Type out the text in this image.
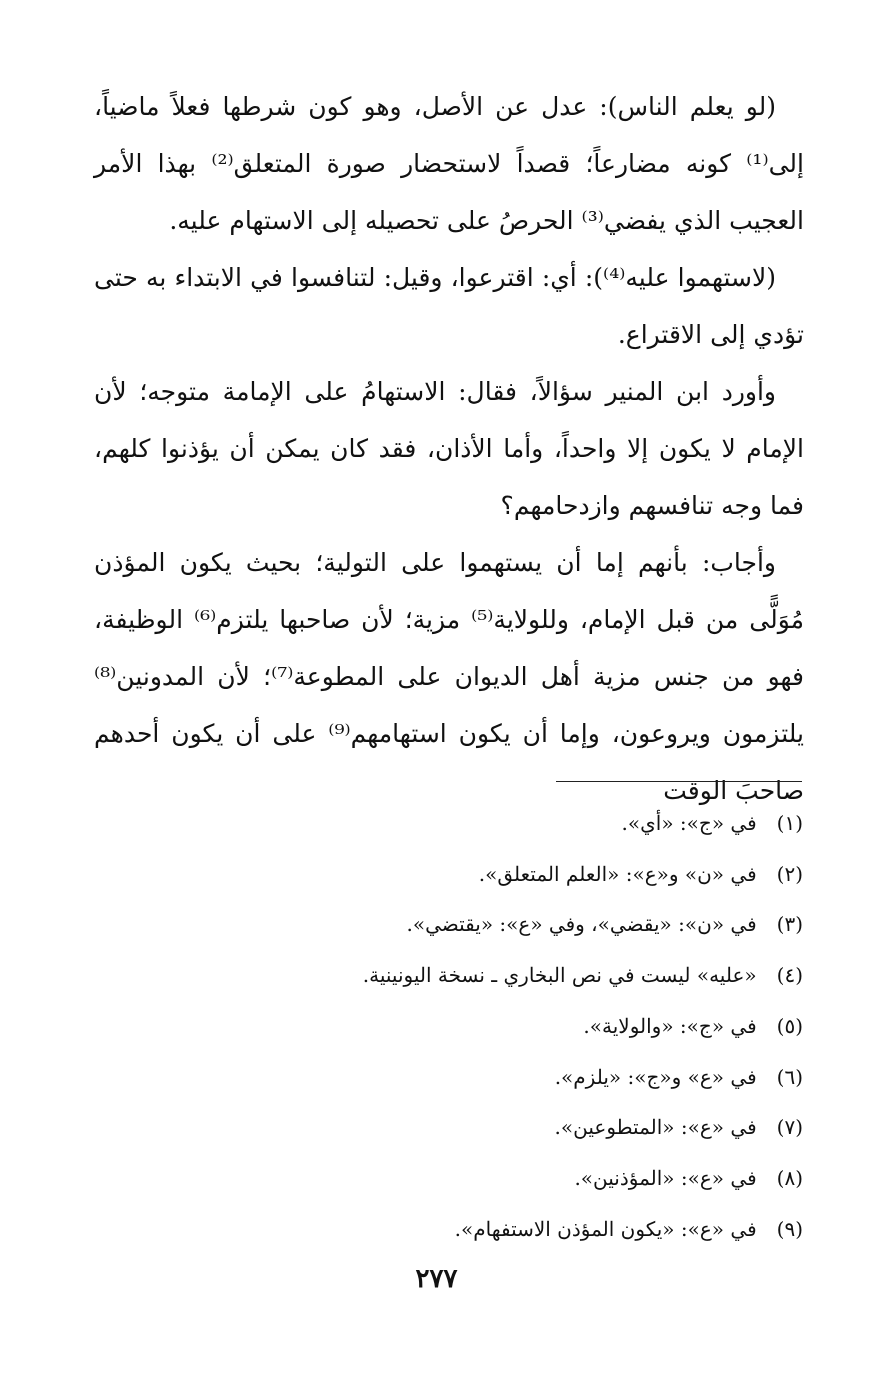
(لو يعلم الناس): عدل عن الأصل، وهو كون شرطها فعلاً ماضياً، إلى⁽¹⁾ كونه مضارعاً؛ قصداً لاستحضار صورة المتعلق⁽²⁾ بهذا الأمر العجيب الذي يفضي⁽³⁾ الحرصُ على تحصيله إلى الاستهام عليه.

(لاستهموا عليه⁽⁴⁾): أي: اقترعوا، وقيل: لتنافسوا في الابتداء به حتى تؤدي إلى الاقتراع.

وأورد ابن المنير سؤالاً، فقال: الاستهامُ على الإمامة متوجه؛ لأن الإمام لا يكون إلا واحداً، وأما الأذان، فقد كان يمكن أن يؤذنوا كلهم، فما وجه تنافسهم وازدحامهم؟

وأجاب: بأنهم إما أن يستهموا على التولية؛ بحيث يكون المؤذن مُوَلًّى من قبل الإمام، وللولاية⁽⁵⁾ مزية؛ لأن صاحبها يلتزم⁽⁶⁾ الوظيفة، فهو من جنس مزية أهل الديوان على المطوعة⁽⁷⁾؛ لأن المدونين⁽⁸⁾ يلتزمون ويروعون، وإما أن يكون استهامهم⁽⁹⁾ على أن يكون أحدهم صاحبَ الوقت

(١) في «ج»: «أي».

(٢) في «ن» و«ع»: «العلم المتعلق».

(٣) في «ن»: «يقضي»، وفي «ع»: «يقتضي».

(٤) «عليه» ليست في نص البخاري ـ نسخة اليونينية.

(٥) في «ج»: «والولاية».

(٦) في «ع» و«ج»: «يلزم».

(٧) في «ع»: «المتطوعين».

(٨) في «ع»: «المؤذنين».

(٩) في «ع»: «يكون المؤذن الاستفهام».

٢٧٧
